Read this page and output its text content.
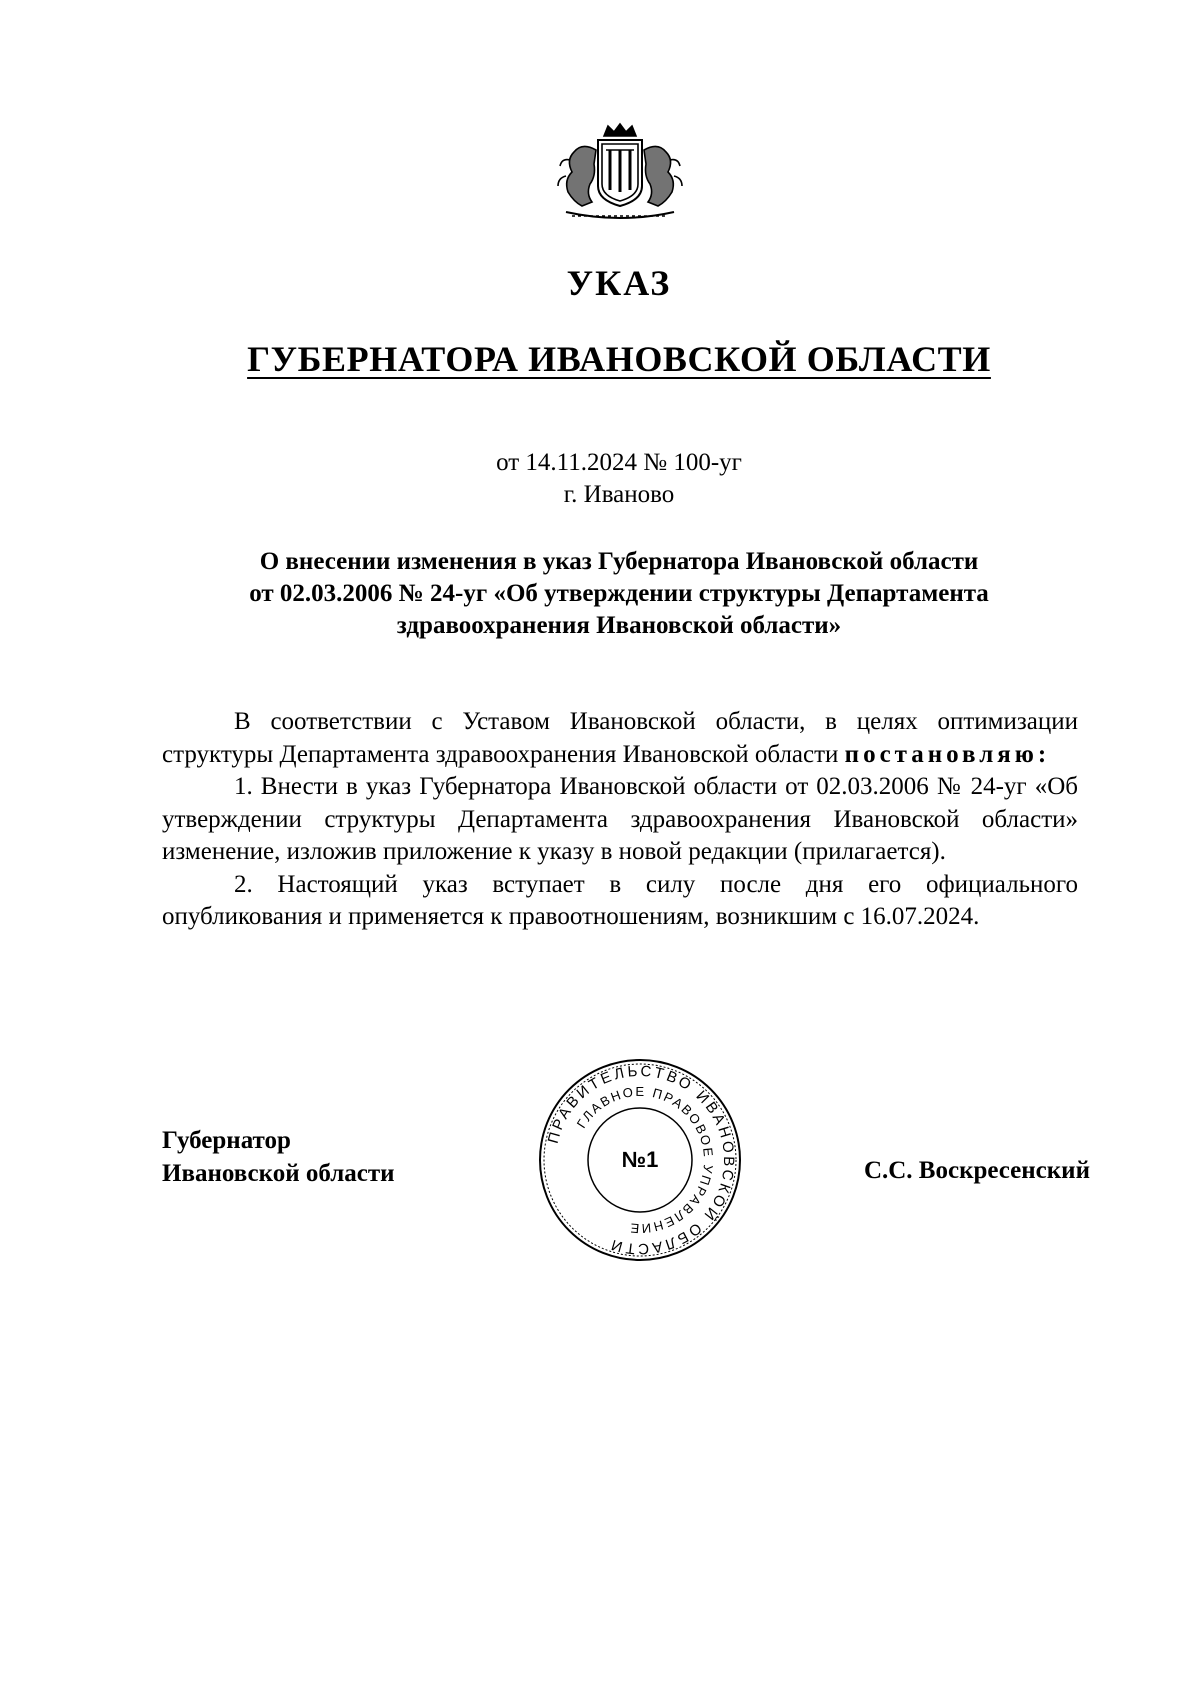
УКАЗ
ГУБЕРНАТОРА ИВАНОВСКОЙ ОБЛАСТИ
от 14.11.2024 № 100-уг
г. Иваново
О внесении изменения в указ Губернатора Ивановской области
от 02.03.2006 № 24-уг «Об утверждении структуры Департамента
здравоохранения Ивановской области»

В соответствии с Уставом Ивановской области, в целях оптимизации структуры Департамента здравоохранения Ивановской области постановляю:

1. Внести в указ Губернатора Ивановской области от 02.03.2006 № 24-уг «Об утверждении структуры Департамента здравоохранения Ивановской области» изменение, изложив приложение к указу в новой редакции (прилагается).

2. Настоящий указ вступает в силу после дня его официального опубликования и применяется к правоотношениям, возникшим с 16.07.2024.

Губернатор
Ивановской области
ПРАВИТЕЛЬСТВО ИВАНОВСКОЙ ОБЛАСТИ
ГЛАВНОЕ ПРАВОВОЕ УПРАВЛЕНИЕ
№1	С.С. Воскресенский
